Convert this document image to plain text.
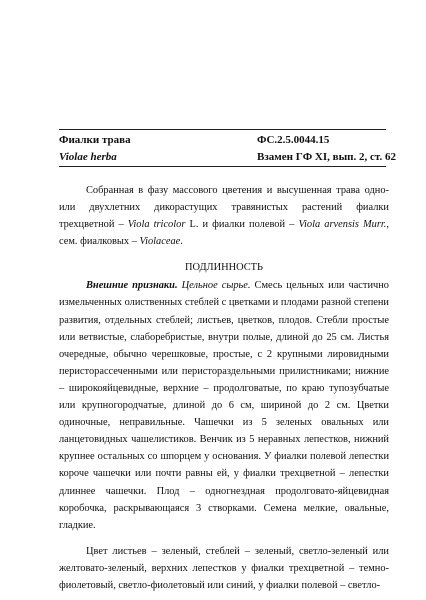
Фиалки трава
Violae herba
ФС.2.5.0044.15
Взамен ГФ XI, вып. 2, ст. 62

Собранная в фазу массового цветения и высушенная трава одно- или двухлетних дикорастущих травянистых растений фиалки трехцветной – Viola tricolor L. и фиалки полевой – Viola arvensis Murr., сем. фиалковых – Violaceae.

ПОДЛИННОСТЬ

Внешние признаки. Цельное сырье. Смесь цельных или частично измельченных олиственных стеблей с цветками и плодами разной степени развития, отдельных стеблей; листьев, цветков, плодов. Стебли простые или ветвистые, слаборебристые, внутри полые, длиной до 25 см. Листья очередные, обычно черешковые, простые, с 2 крупными лировидными перисторассеченными или перистораздельными прилистниками; нижние – широкояйцевидные, верхние – продолговатые, по краю тупозубчатые или крупногородчатые, длиной до 6 см, шириной до 2 см. Цветки одиночные, неправильные. Чашечки из 5 зеленых овальных или ланцетовидных чашелистиков. Венчик из 5 неравных лепестков, нижний крупнее остальных со шпорцем у основания. У фиалки полевой лепестки короче чашечки или почти равны ей, у фиалки трехцветной – лепестки длиннее чашечки. Плод – одногнездная продолговато-яйцевидная коробочка, раскрывающаяся 3 створками. Семена мелкие, овальные, гладкие.

Цвет листьев – зеленый, стеблей – зеленый, светло-зеленый или желтовато-зеленый, верхних лепестков у фиалки трехцветной – темно-фиолетовый, светло-фиолетовый или синий, у фиалки полевой – светло-
